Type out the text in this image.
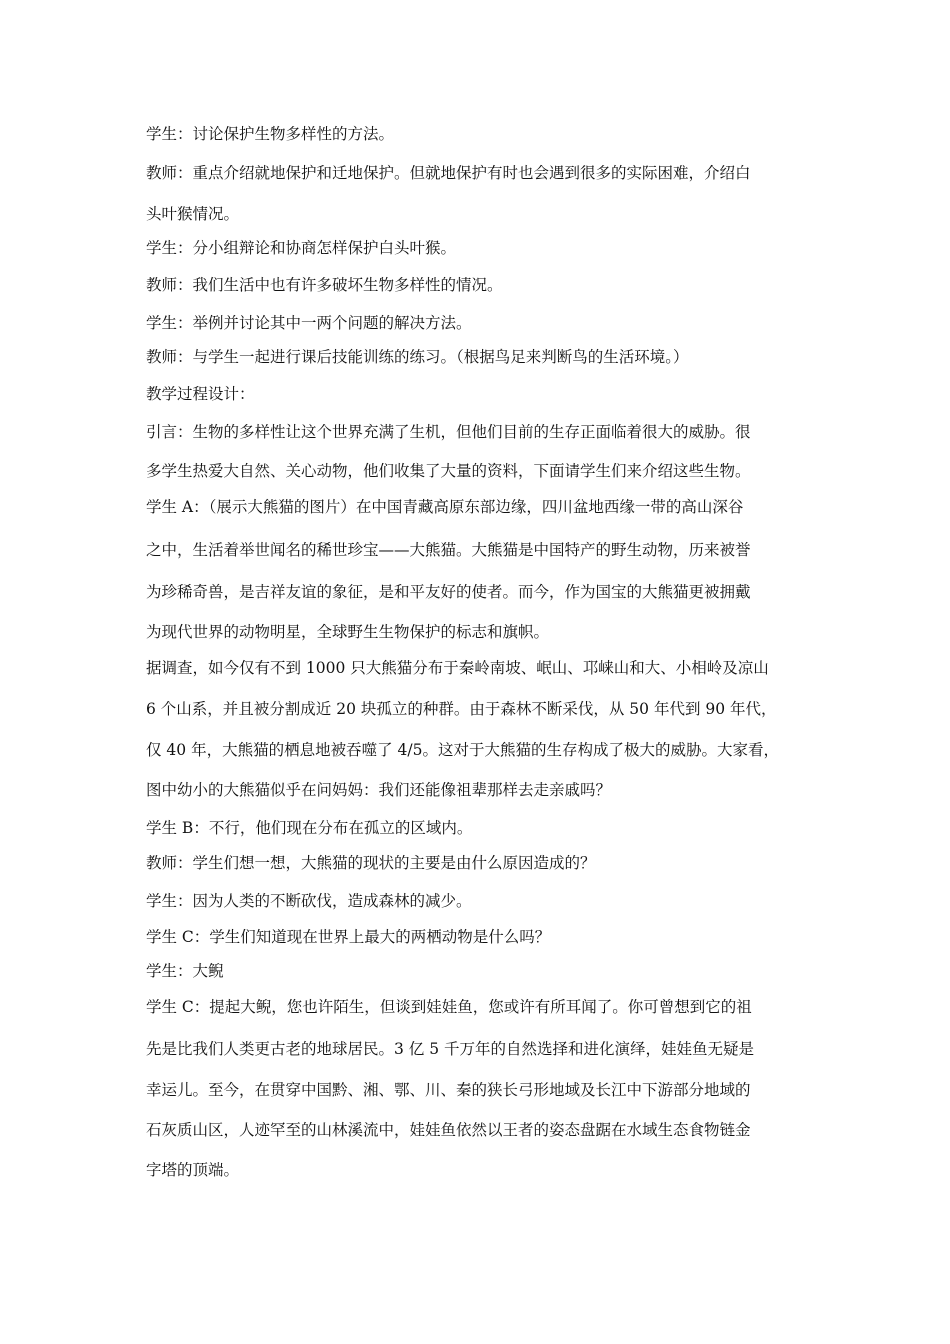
学生：讨论保护生物多样性的方法。
教师：重点介绍就地保护和迁地保护。但就地保护有时也会遇到很多的实际困难，介绍白
头叶猴情况。
学生：分小组辩论和协商怎样保护白头叶猴。
教师：我们生活中也有许多破坏生物多样性的情况。
学生：举例并讨论其中一两个问题的解决方法。
教师：与学生一起进行课后技能训练的练习。（根据鸟足来判断鸟的生活环境。）
教学过程设计：
引言：生物的多样性让这个世界充满了生机，但他们目前的生存正面临着很大的威胁。很
多学生热爱大自然、关心动物，他们收集了大量的资料，下面请学生们来介绍这些生物。
学生 A：（展示大熊猫的图片）在中国青藏高原东部边缘，四川盆地西缘一带的高山深谷
之中，生活着举世闻名的稀世珍宝——大熊猫。大熊猫是中国特产的野生动物，历来被誉
为珍稀奇兽，是吉祥友谊的象征，是和平友好的使者。而今，作为国宝的大熊猫更被拥戴
为现代世界的动物明星，全球野生生物保护的标志和旗帜。
据调查，如今仅有不到 1000 只大熊猫分布于秦岭南坡、岷山、邛崃山和大、小相岭及凉山
6 个山系，并且被分割成近 20 块孤立的种群。由于森林不断采伐，从 50 年代到 90 年代，
仅 40 年，大熊猫的栖息地被吞噬了 4/5。这对于大熊猫的生存构成了极大的威胁。大家看，
图中幼小的大熊猫似乎在问妈妈：我们还能像祖辈那样去走亲戚吗？
学生 B：不行，他们现在分布在孤立的区域内。
教师：学生们想一想，大熊猫的现状的主要是由什么原因造成的？
学生：因为人类的不断砍伐，造成森林的减少。
学生 C：学生们知道现在世界上最大的两栖动物是什么吗？
学生：大鲵
学生 C：提起大鲵，您也许陌生，但谈到娃娃鱼，您或许有所耳闻了。你可曾想到它的祖
先是比我们人类更古老的地球居民。3 亿 5 千万年的自然选择和进化演绎，娃娃鱼无疑是
幸运儿。至今，在贯穿中国黔、湘、鄂、川、秦的狭长弓形地域及长江中下游部分地域的
石灰质山区，人迹罕至的山林溪流中，娃娃鱼依然以王者的姿态盘踞在水域生态食物链金
字塔的顶端。
